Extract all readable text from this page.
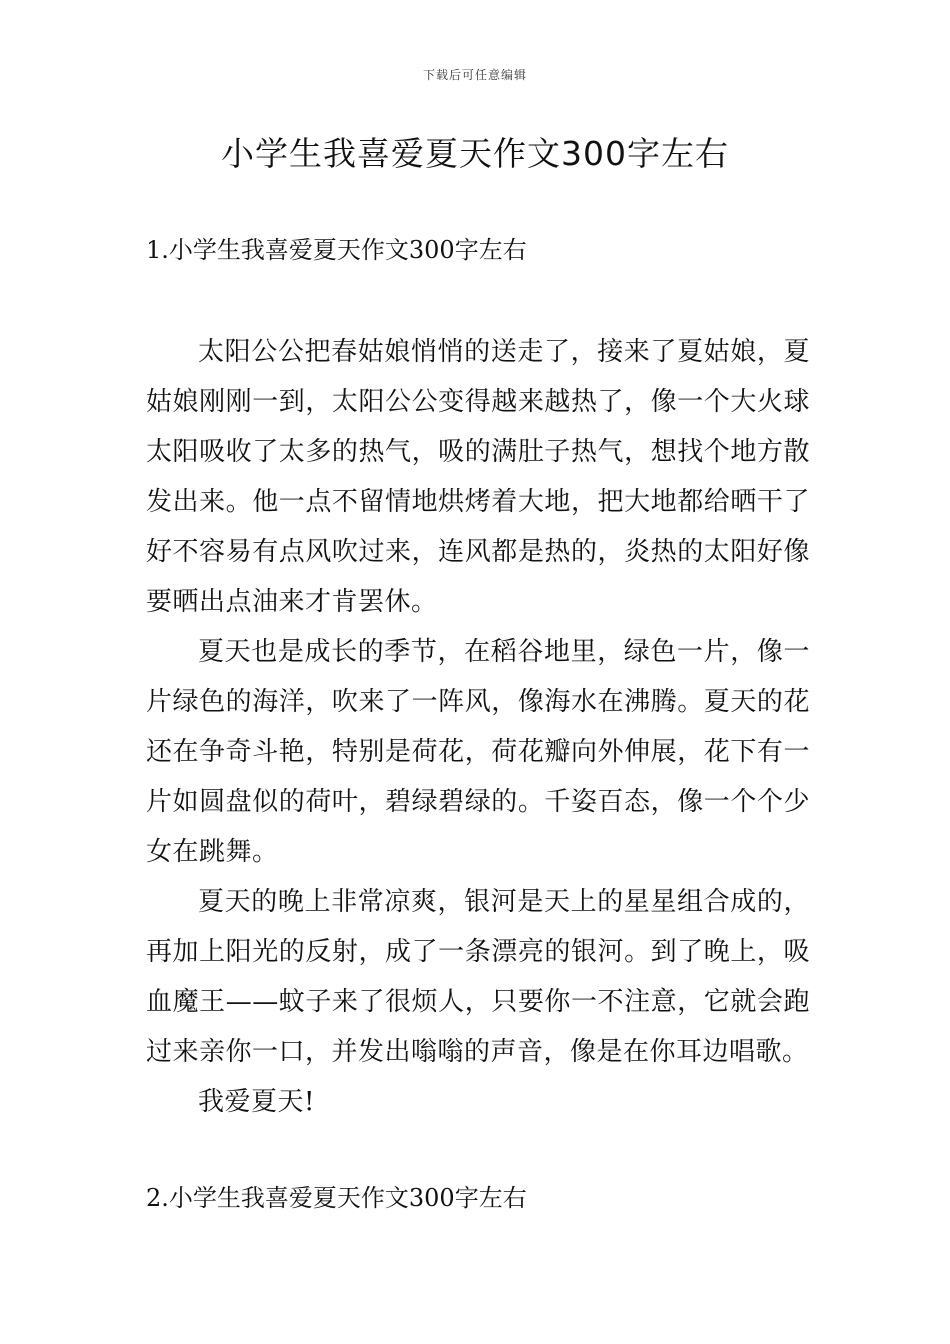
下载后可任意编辑
小学生我喜爱夏天作文300字左右
1.小学生我喜爱夏天作文300字左右

太阳公公把春姑娘悄悄的送走了，接来了夏姑娘，夏姑娘刚刚一到，太阳公公变得越来越热了，像一个大火球太阳吸收了太多的热气，吸的满肚子热气，想找个地方散发出来。他一点不留情地烘烤着大地，把大地都给晒干了好不容易有点风吹过来，连风都是热的，炎热的太阳好像要晒出点油来才肯罢休。

夏天也是成长的季节，在稻谷地里，绿色一片，像一片绿色的海洋，吹来了一阵风，像海水在沸腾。夏天的花还在争奇斗艳，特别是荷花，荷花瓣向外伸展，花下有一片如圆盘似的荷叶，碧绿碧绿的。千姿百态，像一个个少女在跳舞。

夏天的晚上非常凉爽，银河是天上的星星组合成的，再加上阳光的反射，成了一条漂亮的银河。到了晚上，吸血魔王——蚊子来了很烦人，只要你一不注意，它就会跑过来亲你一口，并发出嗡嗡的声音，像是在你耳边唱歌。

我爱夏天!

2.小学生我喜爱夏天作文300字左右
